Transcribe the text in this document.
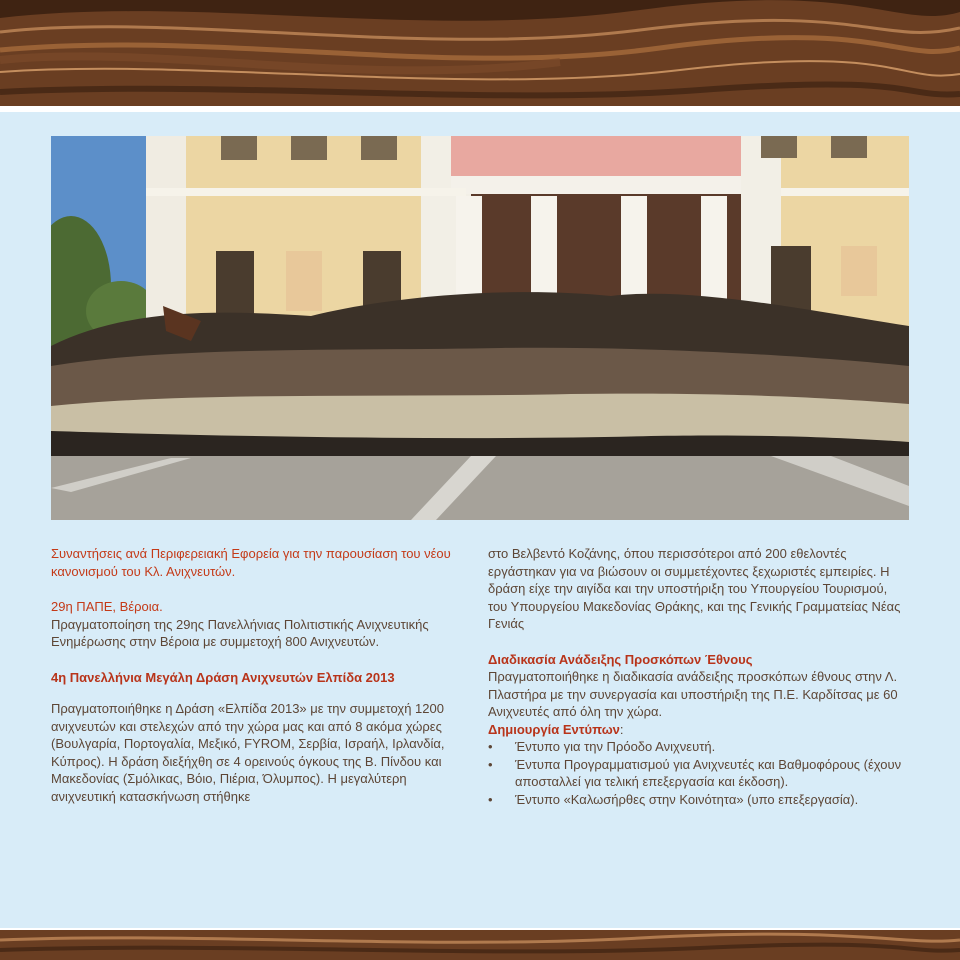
Συναντήσεις ανά Περιφερειακή Εφορεία για την παρουσίαση του νέου κανονισμού του Κλ. Ανιχνευτών.

29η ΠΑΠΕ, Βέροια.

Πραγματοποίηση της 29ης Πανελλήνιας Πολιτιστικής Ανιχνευτικής Ενημέρωσης στην Βέροια με συμμετοχή 800 Ανιχνευτών.

4η Πανελλήνια Μεγάλη Δράση Ανιχνευτών Ελπίδα 2013

Πραγματοποιήθηκε η Δράση «Ελπίδα 2013» με την συμμετοχή 1200 ανιχνευτών και στελεχών από την χώρα μας και από 8 ακόμα χώρες (Βουλγαρία, Πορτογαλία, Μεξικό, FYROM, Σερβία, Ισραήλ, Ιρλανδία, Κύπρος). Η δράση διεξήχθη σε 4 ορεινούς όγκους της Β. Πίνδου και Μακεδονίας (Σμόλικας, Βόιο, Πιέρια, Όλυμπος). Η μεγαλύτερη ανιχνευτική κατασκήνωση στήθηκε

στο Βελβεντό Κοζάνης, όπου περισσότεροι από 200 εθελοντές εργάστηκαν για να βιώσουν οι συμμετέχοντες ξεχωριστές εμπειρίες. Η δράση είχε την αιγίδα και την υποστήριξη του Υπουργείου Τουρισμού, του Υπουργείου Μακεδονίας Θράκης, και της Γενικής Γραμματείας Νέας Γενιάς

Διαδικασία Ανάδειξης Προσκόπων Έθνους

Πραγματοποιήθηκε η διαδικασία ανάδειξης προσκόπων έθνους στην Λ. Πλαστήρα με την συνεργασία και υποστήριξη της Π.Ε. Καρδίτσας με 60 Ανιχνευτές από όλη την χώρα.

Δημιουργία Εντύπων:

• Έντυπο για την Πρόοδο Ανιχνευτή.
• Έντυπα Προγραμματισμού για Ανιχνευτές και Βαθμοφόρους (έχουν αποσταλλεί για τελική επεξεργασία και έκδοση).
• Έντυπο «Καλωσήρθες στην Κοινότητα» (υπο επεξεργασία).
